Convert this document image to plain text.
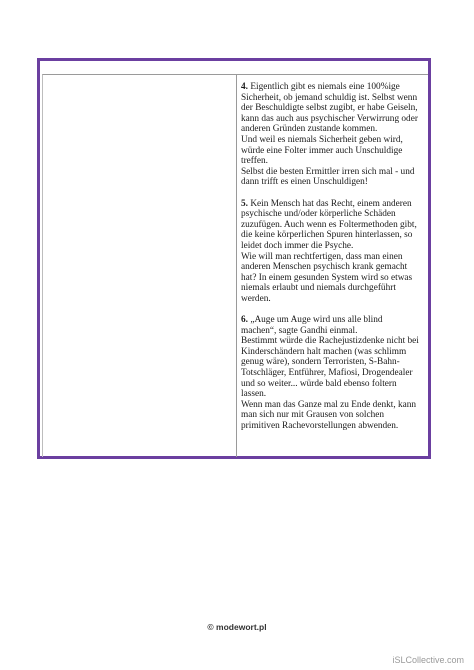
4. Eigentlich gibt es niemals eine 100%ige
Sicherheit, ob jemand schuldig ist. Selbst wenn
der Beschuldigte selbst zugibt, er habe Geiseln,
kann das auch aus psychischer Verwirrung oder
anderen Gründen zustande kommen.
Und weil es niemals Sicherheit geben wird,
würde eine Folter immer auch Unschuldige
treffen.
Selbst die besten Ermittler irren sich mal - und
dann trifft es einen Unschuldigen!
5. Kein Mensch hat das Recht, einem anderen
psychische und/oder körperliche Schäden
zuzufügen. Auch wenn es Foltermethoden gibt,
die keine körperlichen Spuren hinterlassen, so
leidet doch immer die Psyche.
Wie will man rechtfertigen, dass man einen
anderen Menschen psychisch krank gemacht
hat? In einem gesunden System wird so etwas
niemals erlaubt und niemals durchgeführt
werden.
6. „Auge um Auge wird uns alle blind
machen“, sagte Gandhi einmal.
Bestimmt würde die Rachejustizdenke nicht bei
Kinderschändern halt machen (was schlimm
genug wäre), sondern Terroristen, S-Bahn-
Totschläger, Entführer, Mafiosi, Drogendealer
und so weiter... würde bald ebenso foltern
lassen.
Wenn man das Ganze mal zu Ende denkt, kann
man sich nur mit Grausen von solchen
primitiven Rachevorstellungen abwenden.
© modewort.pl
iSLCollective.com
